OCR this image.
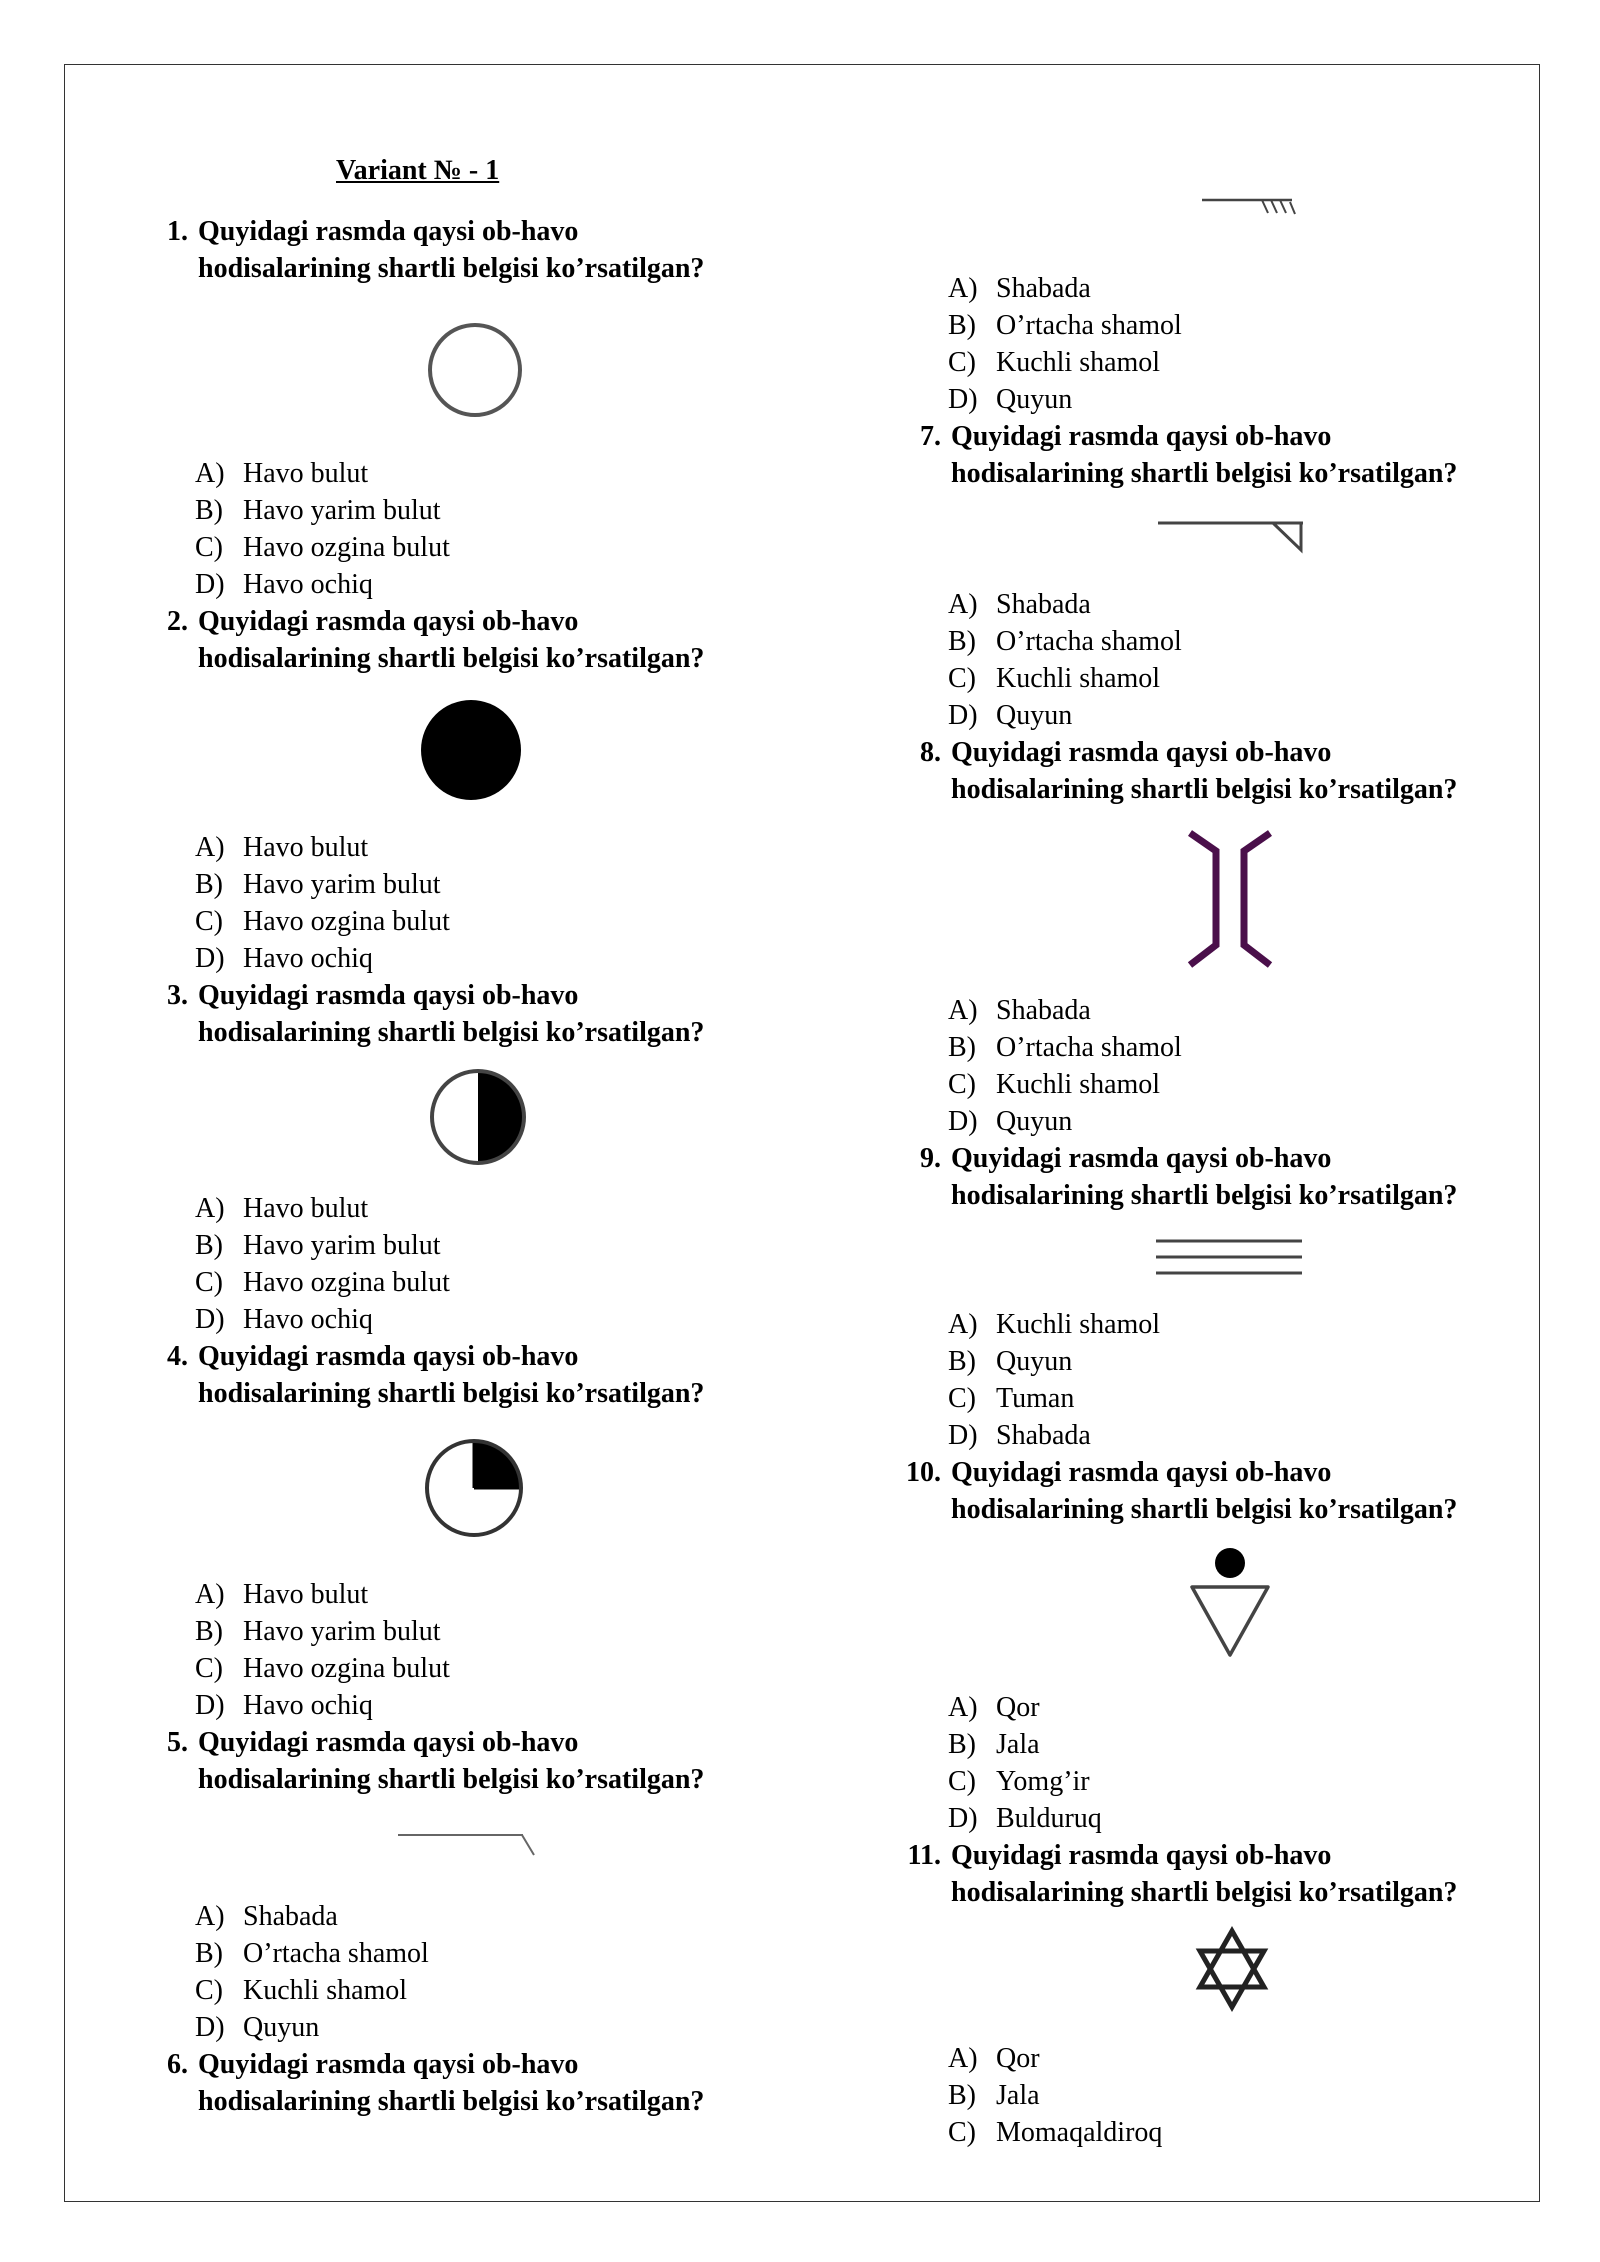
Variant № - 1
1. Quyidagi rasmda qaysi ob-havo
hodisalarining shartli belgisi ko’rsatilgan?
A) Havo bulut
B) Havo yarim bulut
C) Havo ozgina bulut
D) Havo ochiq
2. Quyidagi rasmda qaysi ob-havo
hodisalarining shartli belgisi ko’rsatilgan?
A) Havo bulut
B) Havo yarim bulut
C) Havo ozgina bulut
D) Havo ochiq
3. Quyidagi rasmda qaysi ob-havo
hodisalarining shartli belgisi ko’rsatilgan?
A) Havo bulut
B) Havo yarim bulut
C) Havo ozgina bulut
D) Havo ochiq
4. Quyidagi rasmda qaysi ob-havo
hodisalarining shartli belgisi ko’rsatilgan?
A) Havo bulut
B) Havo yarim bulut
C) Havo ozgina bulut
D) Havo ochiq
5. Quyidagi rasmda qaysi ob-havo
hodisalarining shartli belgisi ko’rsatilgan?
A) Shabada
B) O’rtacha shamol
C) Kuchli shamol
D) Quyun
6. Quyidagi rasmda qaysi ob-havo
hodisalarining shartli belgisi ko’rsatilgan?
A) Shabada
B) O’rtacha shamol
C) Kuchli shamol
D) Quyun
7. Quyidagi rasmda qaysi ob-havo
hodisalarining shartli belgisi ko’rsatilgan?
A) Shabada
B) O’rtacha shamol
C) Kuchli shamol
D) Quyun
8. Quyidagi rasmda qaysi ob-havo
hodisalarining shartli belgisi ko’rsatilgan?
A) Shabada
B) O’rtacha shamol
C) Kuchli shamol
D) Quyun
9. Quyidagi rasmda qaysi ob-havo
hodisalarining shartli belgisi ko’rsatilgan?
A) Kuchli shamol
B) Quyun
C) Tuman
D) Shabada
10. Quyidagi rasmda qaysi ob-havo
hodisalarining shartli belgisi ko’rsatilgan?
A) Qor
B) Jala
C) Yomg’ir
D) Bulduruq
11. Quyidagi rasmda qaysi ob-havo
hodisalarining shartli belgisi ko’rsatilgan?
A) Qor
B) Jala
C) Momaqaldiroq
